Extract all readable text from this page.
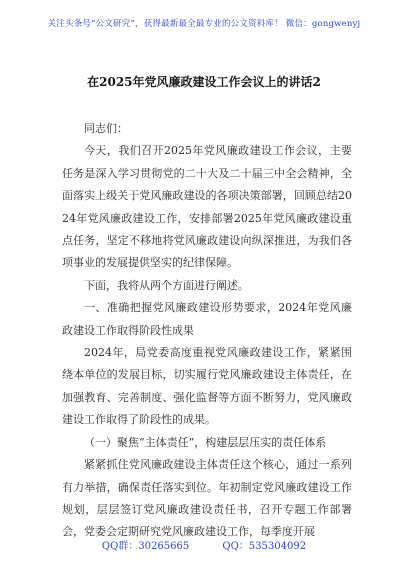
关注头条号“公文研究”，获得最新最全最专业的公文资料库！ 微信：gongwenyj
在2025年党风廉政建设工作会议上的讲话2

同志们：

今天，我们召开2025年党风廉政建设工作会议，主要任务是深入学习贯彻党的二十大及二十届三中全会精神，全面落实上级关于党风廉政建设的各项决策部署，回顾总结2024年党风廉政建设工作，安排部署2025年党风廉政建设重点任务，坚定不移地将党风廉政建设向纵深推进，为我们各项事业的发展提供坚实的纪律保障。

下面，我将从两个方面进行阐述。

一、准确把握党风廉政建设形势要求，2024年党风廉政建设工作取得阶段性成果

2024年，局党委高度重视党风廉政建设工作，紧紧围绕本单位的发展目标，切实履行党风廉政建设主体责任，在加强教育、完善制度、强化监督等方面不断努力，党风廉政建设工作取得了阶段性的成果。

（一）聚焦“主体责任”，构建层层压实的责任体系

紧紧抓住党风廉政建设主体责任这个核心，通过一系列有力举措，确保责任落实到位。年初制定党风廉政建设工作规划，层层签订党风廉政建设责任书，召开专题工作部署会，党委会定期研究党风廉政建设工作，每季度开展

QQ群：30265665	QQ：535304092
